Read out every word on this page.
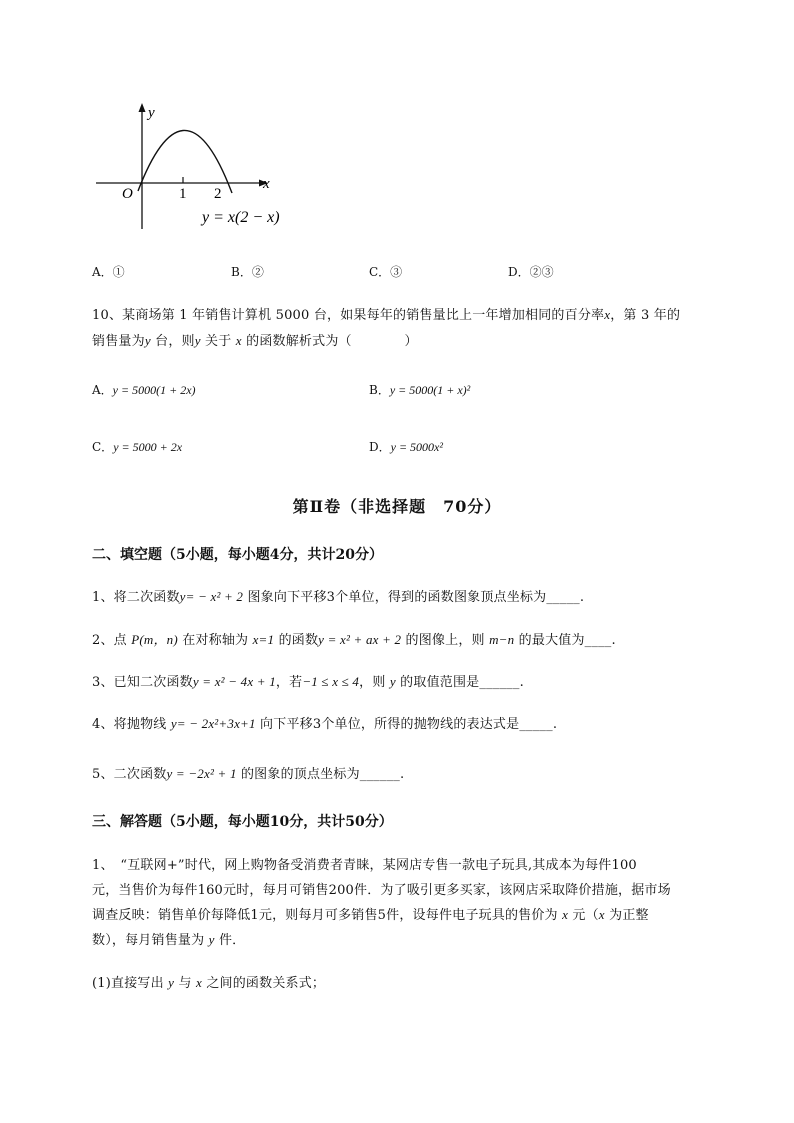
y
x
O	1 2
y = x(2 − x)
A．①	B．②	C．③	D．②③
10、某商场第 1 年销售计算机 5000 台，如果每年的销售量比上一年增加相同的百分率x，第 3 年的
销售量为y 台，则y 关于 x 的函数解析式为（　　　　）
A．y = 5000(1 + 2x)	B．y = 5000(1 + x)²
C．y = 5000 + 2x	D．y = 5000x²
第Ⅱ卷（非选择题　70分）
二、填空题（5小题，每小题4分，共计20分）
1、将二次函数y= − x² + 2 图象向下平移3个单位，得到的函数图象顶点坐标为_____.
2、点 P(m，n) 在对称轴为 x=1 的函数y = x² + ax + 2 的图像上，则 m−n 的最大值为____.
3、已知二次函数y = x² − 4x + 1，若−1 ≤ x ≤ 4，则 y 的取值范围是______.
4、将抛物线 y= − 2x²+3x+1 向下平移3个单位，所得的抛物线的表达式是_____.
5、二次函数y = −2x² + 1 的图象的顶点坐标为______.
三、解答题（5小题，每小题10分，共计50分）
1、　“互联网+”时代，网上购物备受消费者青睐，某网店专售一款电子玩具,其成本为每件100
元，当售价为每件160元时，每月可销售200件．为了吸引更多买家，该网店采取降价措施，据市场
调查反映：销售单价每降低1元，则每月可多销售5件，设每件电子玩具的售价为 x 元（x 为正整
数），每月销售量为 y 件．
(1)直接写出 y 与 x 之间的函数关系式；
